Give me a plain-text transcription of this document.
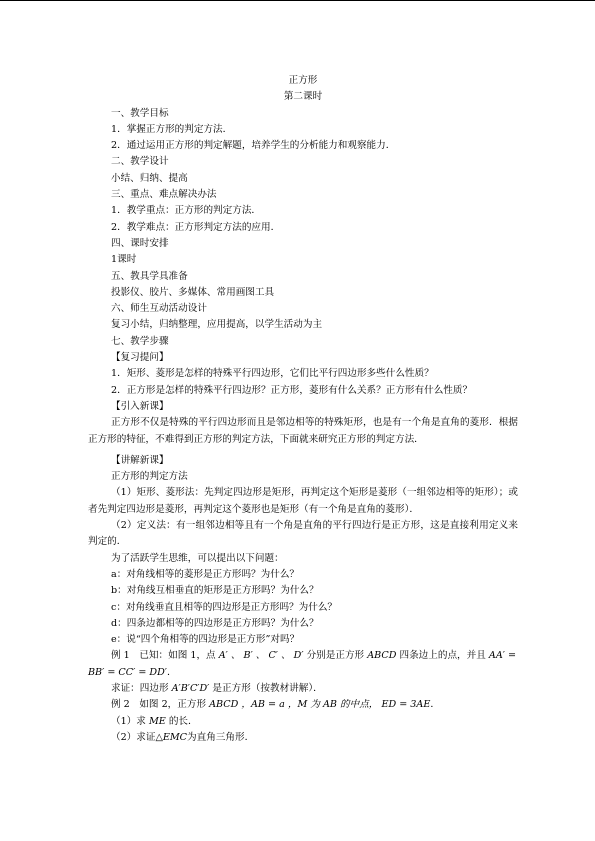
正方形
第二课时
一、教学目标
1．掌握正方形的判定方法．
2．通过运用正方形的判定解题，培养学生的分析能力和观察能力．
二、教学设计
小结、归纳、提高
三、重点、难点解决办法
1．教学重点：正方形的判定方法．
2．教学难点：正方形判定方法的应用．
四、课时安排
1课时
五、教具学具准备
投影仪、胶片、多媒体、常用画图工具
六、师生互动活动设计
复习小结，归纳整理，应用提高，以学生活动为主
七、教学步骤
【复习提问】
1．矩形、菱形是怎样的特殊平行四边形，它们比平行四边形多些什么性质？
2．正方形是怎样的特殊平行四边形？正方形，菱形有什么关系？正方形有什么性质？
【引入新课】
正方形不仅是特殊的平行四边形而且是邻边相等的特殊矩形，也是有一个角是直角的菱形．根据正方形的特征，不难得到正方形的判定方法，下面就来研究正方形的判定方法．
【讲解新课】
正方形的判定方法
（1）矩形、菱形法：先判定四边形是矩形，再判定这个矩形是菱形（一组邻边相等的矩形）；或者先判定四边形是菱形，再判定这个菱形也是矩形（有一个角是直角的菱形）．
（2）定义法：有一组邻边相等且有一个角是直角的平行四边行是正方形，这是直接利用定义来判定的．
为了活跃学生思维，可以提出以下问题：
a：对角线相等的菱形是正方形吗？为什么？
b：对角线互相垂直的矩形是正方形吗？为什么？
c：对角线垂直且相等的四边形是正方形吗？为什么？
d：四条边都相等的四边形是正方形吗？为什么？
e：说“四个角相等的四边形是正方形”对吗？
例 1　已知：如图 1，点 A′ 、 B′ 、 C′ 、 D′ 分别是正方形 ABCD 四条边上的点，并且 AA′ = BB′ = CC′ = DD′．
求证：四边形 A′B′C′D′ 是正方形（按教材讲解）．
例 2　如图 2，正方形 ABCD ，AB = a ，M 为 AB 的中点， ED = 3AE．
（1）求 ME 的长．
（2）求证△EMC为直角三角形．
